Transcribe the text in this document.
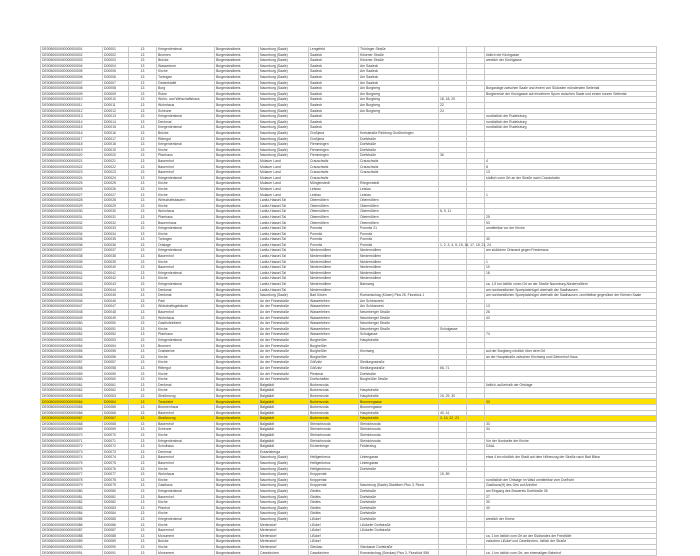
DE0050000000000000001	D00001	13	Kriegerdenkmal	Burgenlandkreis	Naumburg (Saale)	Lengefeld	Thüringer Straße			
DE0050000000000000002	D00002	13	Brunnen	Burgenlandkreis	Naumburg (Saale)	Saaleck	Kösener Straße			östlich der Kirchgasse
DE0050000000000000003	D00003	13	Brücke	Burgenlandkreis	Naumburg (Saale)	Saaleck	Kösener Straße			westlich der Kirchgasse
DE0050000000000000004	D00004	13	Wasserturm	Burgenlandkreis	Naumburg (Saale)	Saaleck	Am Saaleck			
DE0050000000000000005	D00005	13	Kirche	Burgenlandkreis	Naumburg (Saale)	Saaleck	Am Saaleck			
DE0050000000000000006	D00006	13	Torbogen	Burgenlandkreis	Naumburg (Saale)	Saaleck	Am Saaleck			
DE0050000000000000007	D00007	13	Gedenktafel	Burgenlandkreis	Naumburg (Saale)	Saaleck	Am Saaleck			
DE0050000000000000008	D00008	13	Burg	Burgenlandkreis	Naumburg (Saale)	Saaleck	Am Burgberg			Burganlage zwischen Saale und einem von Südosten mündenden Seitental
DE0050000000000000009	D00009	13	Ruine	Burgenlandkreis	Naumburg (Saale)	Saaleck	Am Burgberg			Burgbereich der Kirchgasse auf einzelnem Sporn zwischen Saale und einem kurzen Seitental
DE0050000000000000010	D00010	13	Wohn- und Wirtschaftshaus	Burgenlandkreis	Naumburg (Saale)	Saaleck	Am Burgberg	18, 18, 20		
DE0050000000000000011	D00011	13	Wohnhaus	Burgenlandkreis	Naumburg (Saale)	Saaleck	Am Burgberg	22		
DE0050000000000000012	D00012	13	Scheune	Burgenlandkreis	Naumburg (Saale)	Saaleck	Am Burgberg	24		
DE0050000000000000013	D00013	13	Kriegerdenkmal	Burgenlandkreis	Naumburg (Saale)	Saaleck				nordöstlich der Rudelsburg
DE0050000000000000014	D00014	13	Denkmal	Burgenlandkreis	Naumburg (Saale)	Saaleck				nordöstlich der Rudelsburg
DE0050000000000000015	D00015	13	Kriegerdenkmal	Burgenlandkreis	Naumburg (Saale)	Saaleck				nordöstlich der Rudelsburg
DE0050000000000000016	D00016	13	Brücke	Burgenlandkreis	Naumburg (Saale)	Großjena	Kreisstraße Richtung Großheringen			
DE0050000000000000017	D00017	13	Rittergut	Burgenlandkreis	Naumburg (Saale)	Großjena	Dorfstraße			
DE0050000000000000018	D00018	13	Kriegerdenkmal	Burgenlandkreis	Naumburg (Saale)	Flemmingen	Dorfstraße			
DE0050000000000000019	D00019	13	Kirche	Burgenlandkreis	Naumburg (Saale)	Flemmingen	Dorfstraße			
DE0050000000000000020	D00020	13	Pfarrhaus	Burgenlandkreis	Naumburg (Saale)	Flemmingen	Dorfstraße	36		
DE0050000000000000021	D00021	13	Bauernhof	Burgenlandkreis	Molauer Land	Crauschwitz	Crauschwitz			4
DE0050000000000000022	D00022	13	Bauernhof	Burgenlandkreis	Molauer Land	Crauschwitz	Crauschwitz			8
DE0050000000000000023	D00023	13	Bauernhof	Burgenlandkreis	Molauer Land	Crauschwitz	Crauschwitz			13
DE0050000000000000024	D00024	13	Kriegerdenkmal	Burgenlandkreis	Molauer Land	Crauschwitz				südlich vonn Ort an der Straße nach Crauschwitz
DE0050000000000000025	D00025	13	Kirche	Burgenlandkreis	Molauer Land	Möngenstedt	Röngenstedt			
DE0050000000000000026	D00026	13	Kirche	Burgenlandkreis	Molauer Land	Leislau	Leislau			
DE0050000000000000027	D00027	13	Kirche	Burgenlandkreis	Molauer Land	Leislau	Leislau			1
DE0050000000000000028	D00028	13	Wirtschaftsbauern	Burgenlandkreis	Lanitz-Hassel-Tal	Obermöllern	Obermöllern			
DE0050000000000000029	D00029	13	Kirche	Burgenlandkreis	Lanitz-Hassel-Tal	Obermöllern	Obermöllern			
DE0050000000000000030	D00030	13	Wohnhaus	Burgenlandkreis	Lanitz-Hassel-Tal	Obermöllern	Obermöllern	8, 9, 11		
DE0050000000000000031	D00031	13	Pfarrhaus	Burgenlandkreis	Lanitz-Hassel-Tal	Obermöllern	Obermöllern			25
DE0050000000000000032	D00032	13	Bauernhaus	Burgenlandkreis	Lanitz-Hassel-Tal	Obermöllern	Obermöllern			53
DE0050000000000000033	D00033	13	Kriegerdenkmal	Burgenlandkreis	Lanitz-Hassel-Tal	Pomnitz	Pomnitz 21			unmittelbar vor der Kirche
DE0050000000000000034	D00034	13	Kirche	Burgenlandkreis	Lanitz-Hassel-Tal	Pomnitz	Pomnitz			
DE0050000000000000035	D00035	13	Torbogen	Burgenlandkreis	Lanitz-Hassel-Tal	Pomnitz	Pomnitz			30
DE0050000000000000036	D00036	13	Ortslage	Burgenlandkreis	Lanitz-Hassel-Tal	Pomnitz	Pomnitz	1, 2, 3, 4, 5, 15, 16, 17, 18, 21, 24		
DE0050000000000000037	D00037	13	Kriegerdenkmal	Burgenlandkreis	Lanitz-Hassel-Tal	Niedermöllern	Niedermöllern			am südlichen Ortsrand gegen Friedenaus
DE0050000000000000038	D00038	13	Bauernhof	Burgenlandkreis	Lanitz-Hassel-Tal	Niedermöllern	Niedermöllern			
DE0050000000000000039	D00039	13	Kirche	Burgenlandkreis	Lanitz-Hassel-Tal	Niedermöllern	Niedermöllern			1
DE0050000000000000040	D00040	13	Bauernhof	Burgenlandkreis	Lanitz-Hassel-Tal	Niedermöllern	Niedermöllern			10
DE0050000000000000041	D00041	13	Kriegerdenkmal	Burgenlandkreis	Lanitz-Hassel-Tal	Niedermöllern	Niedermöllern			18
DE0050000000000000042	D00042	13	Kirche	Burgenlandkreis	Lanitz-Hassel-Tal	Niedermöllern	Niedermöllern			
DE0050000000000000043	D00043	13	Kriegerdenkmal	Burgenlandkreis	Lanitz-Hassel-Tal	Niedermöllern	Bahnweg			ca. 1,5 km östlich vonm Ort an der Straße Naumburg-Niedermöllern
DE0050000000000000044	D00044	13	Denkmal	Burgenlandkreis	Lanitz-Hassel-Tal	Niedermöllern				am nordwestlichen Sportplatzhügel oberhalb der Saalhausen
DE0050000000000000045	D00045	13	Denkmal	Burgenlandkreis	Naumburg (Saale)	Bad Kösen	Romanischag (Kösen) Plus 25, Flurstück 1			am nordwestlichen Sportplatzhügel oberhalb der Saalhausen, unmittelbar gegenüber der Kleinen Saale
DE0050000000000000046	D00046	13	Park	Burgenlandkreis	An der Finnestraße	Wasserleben	Am Schlossrest			
DE0050000000000000047	D00047	13	Wirtschaftsgebäude	Burgenlandkreis	An der Finnestraße	Wasserleben	Am Schlossrest			13
DE0050000000000000048	D00048	13	Bauernhof	Burgenlandkreis	An der Finnestraße	Wasserleben	Neumberger Straße			26
DE0050000000000000049	D00049	13	Wohnhaus	Burgenlandkreis	An der Finnestraße	Wasserleben	Neumberger Straße			43
DE0050000000000000050	D00050	13	Gasthofeinfahrt	Burgenlandkreis	An der Finnestraße	Wasserleben	Neumberger Straße			
DE0050000000000000051	D00051	13	Kirche	Burgenlandkreis	An der Finnestraße	Wasserleben	Neumberger Straße	Schulgasse		
DE0050000000000000052	D00052	13	Pfarrhaus	Burgenlandkreis	An der Finnestraße	Wasserleben	Schulgasse			74
DE0050000000000000053	D00053	13	Kriegerdenkmal	Burgenlandkreis	An der Finnestraße	Burgheßler	Hauptstraße			
DE0050000000000000054	D00054	13	Brunnen	Burgenlandkreis	An der Finnestraße	Burgheßler				
DE0050000000000000055	D00055	13	Grabsteine	Burgenlandkreis	An der Finnestraße	Burgheßler	Kirchweg			auf der Burgberg nördlich über dem Ort
DE0050000000000000056	D00056	13	Kirche	Burgenlandkreis	An der Finnestraße	Burgheßler				an der Hauptstraße zwischen Kirchweg und Gärtnerhof Haus
DE0050000000000000057	D00057	13	Kirche	Burgenlandkreis	An der Finnestraße	Gößnitz	Siedlungsstraße			
DE0050000000000000058	D00058	13	Rittergut	Burgenlandkreis	An der Finnestraße	Gößnitz	Siedlungsstraße	66, 71		
DE0050000000000000059	D00059	13	Kirche	Burgenlandkreis	An der Finnestraße	Pleismar	Dorfstraße			
DE0050000000000000060	D00060	13	Kirche	Burgenlandkreis	An der Finnestraße	Dorfschaften	Burgheßler Straße			
DE0050000000000000061	D00061	13	Denkmal	Burgenlandkreis	Balgstädt	Burkersroda				östlich, außerhalb der Ortslage
DE0050000000000000062	D00062	13	Kirche	Burgenlandkreis	Balgstädt	Burkersroda	Hauptstraße			
DE0050000000000000063	D00063	13	Straßenzug	Burgenlandkreis	Balgstädt	Burkersroda	Hauptstraße	15, 29, 30		
DE0050000000000000064	D00064	13	Torzufahrt	Burgenlandkreis	Balgstädt	Burkersroda	Brunnengasse			33
DE0050000000000000065	D00065	13	Brunnenhaus	Burgenlandkreis	Balgstädt	Burkersroda	Brunnengasse			
DE0050000000000000066	D00066	13	Bauernhof	Burgenlandkreis	Balgstädt	Burkersroda	Hauptstraße	40, 41		
DE0050000000000000067	D00067	13	Straßenzug	Burgenlandkreis	Balgstädt	Burkersroda	Hauptstraße	3, 15, 22, 23		
DE0050000000000000068	D00068	13	Bauernhof	Burgenlandkreis	Balgstädt	Steinichsroda	Steinichsroda			33
DE0050000000000000069	D00069	13	Scheune	Burgenlandkreis	Balgstädt	Steinichsroda	Steinichsroda			34
DE0050000000000000070	D00070	13	Kirche	Burgenlandkreis	Balgstädt	Steinichsroda	Steinichsroda			
DE0050000000000000071	D00071	13	Kriegerdenkmal	Burgenlandkreis	Balgstädt	Steinichsroda	Steinichsroda			Vor der Nordseite der Kirche
DE0050000000000000072	D00072	13	Schulhaus	Burgenlandkreis	Balgstädt	Eichenberge	Feldereisg			DAAL
DE0050000000000000073	D00073	13	Denkmal	Burgenlandkreis	Eckartsberga					
DE0050000000000000074	D00074	13	Bauernhof	Burgenlandkreis	Naumburg (Saale)	Heiligenkreuz	Lintengasse			etwa 4 km nördlich der Stadt auf dem Höhenzug der Straße nach Bad Bibra
DE0050000000000000075	D00075	13	Bauernhof	Burgenlandkreis	Naumburg (Saale)	Heiligenkreuz	Lintengasse			
DE0050000000000000076	D00076	13	Kirche	Burgenlandkreis	Naumburg (Saale)	Heiligenkreuz	Dorfstraße			
DE0050000000000000077	D00077	13	Wohnhaus	Burgenlandkreis	Naumburg (Saale)	Kroppental		15, 89		
DE0050000000000000078	D00078	13	Kirche	Burgenlandkreis	Naumburg (Saale)	Kroppental				nordöstlich der Ortslage im Wald unmittelbar vom Dorfhohl
DE0050000000000000079	D00079	13	Gasthaus	Burgenlandkreis	Naumburg (Saale)	Kroppental	Naumburg (Saale)-Stadtkern Plus 3, Flurst			Gasthaus(H) des Orts auf Anhöhe
DE0050000000000000080	D00080	13	Kriegerdenkmal	Burgenlandkreis	Naumburg (Saale)	Ginäbs	Dorfstraße			am Eingang des Brauereis Dorfstraße 06
DE0050000000000000081	D00081	13	Bauernhof	Burgenlandkreis	Naumburg (Saale)	Ginäbs	Dorfstraße			27
DE0050000000000000082	D00082	13	Kirche	Burgenlandkreis	Naumburg (Saale)	Ginäbs	Dorfstraße			30
DE0050000000000000083	D00083	13	Pfarrhof	Burgenlandkreis	Naumburg (Saale)	Ginäbs	Dorfstraße			40
DE0050000000000000084	D00084	13	Kirche	Burgenlandkreis	Naumburg (Saale)	Ginäbs	Dorfstraße			
DE0050000000000000085	D00085	13	Kriegerdenkmal	Burgenlandkreis	Naumburg (Saale)	Lißdorf	Dorfstraße			westlich der Kirche
DE0050000000000000086	D00086	13	Kirche	Burgenlandkreis	Mertendorf	Lißdorf	Lißdorfer Dorfstraße			
DE0050000000000000087	D00087	13	Bauernhof	Burgenlandkreis	Mertendorf	Lißdorf	Lißdorfer Dorfstraße			
DE0050000000000000088	D00088	13	Monument	Burgenlandkreis	Mertendorf	Lißdorf				ca. 1 km östlich vom Ort an der Südrandes der Friedhöfe
DE0050000000000000089	D00089	13	Brücke	Burgenlandkreis	Mertendorf	Lißdorf				zwischen Lißdorf und Casekirchen, östlich der Straße
DE0050000000000000090	D00090	13	Kirche	Burgenlandkreis	Mertendorf	Gieckau	Gieckauer Dorfstraße			
DE0050000000000000091	D00091	13	Monument	Burgenlandkreis	Casekirchen	Casekirchen	Romanischag (Gieckau) Plus 3, Flurstück 956			ca. 1 km östlich vom Ort, am ehemaligen Bahnhof
